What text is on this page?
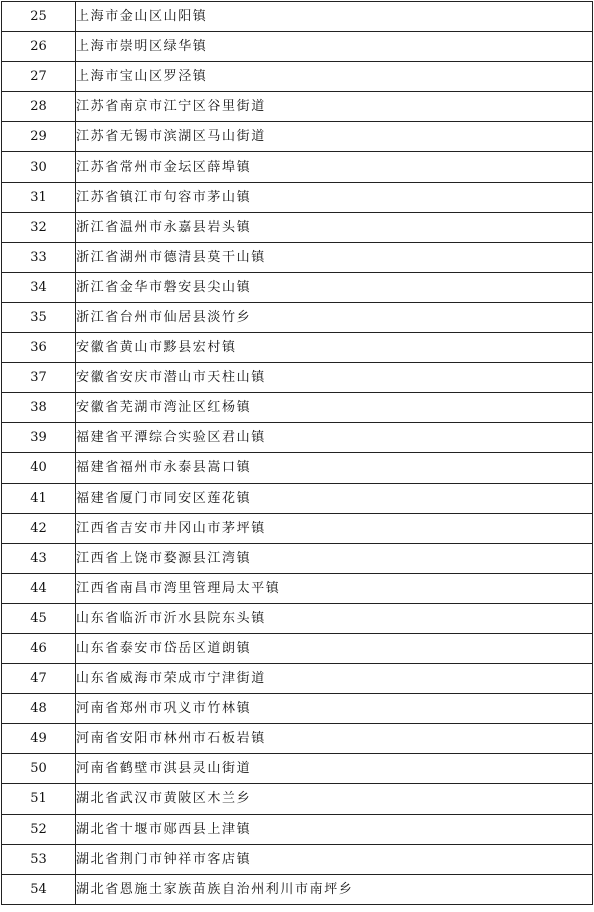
25	上海市金山区山阳镇
26	上海市崇明区绿华镇
27	上海市宝山区罗泾镇
28	江苏省南京市江宁区谷里街道
29	江苏省无锡市滨湖区马山街道
30	江苏省常州市金坛区薛埠镇
31	江苏省镇江市句容市茅山镇
32	浙江省温州市永嘉县岩头镇
33	浙江省湖州市德清县莫干山镇
34	浙江省金华市磐安县尖山镇
35	浙江省台州市仙居县淡竹乡
36	安徽省黄山市黟县宏村镇
37	安徽省安庆市潜山市天柱山镇
38	安徽省芜湖市湾沚区红杨镇
39	福建省平潭综合实验区君山镇
40	福建省福州市永泰县嵩口镇
41	福建省厦门市同安区莲花镇
42	江西省吉安市井冈山市茅坪镇
43	江西省上饶市婺源县江湾镇
44	江西省南昌市湾里管理局太平镇
45	山东省临沂市沂水县院东头镇
46	山东省泰安市岱岳区道朗镇
47	山东省威海市荣成市宁津街道
48	河南省郑州市巩义市竹林镇
49	河南省安阳市林州市石板岩镇
50	河南省鹤壁市淇县灵山街道
51	湖北省武汉市黄陂区木兰乡
52	湖北省十堰市郧西县上津镇
53	湖北省荆门市钟祥市客店镇
54	湖北省恩施土家族苗族自治州利川市南坪乡
